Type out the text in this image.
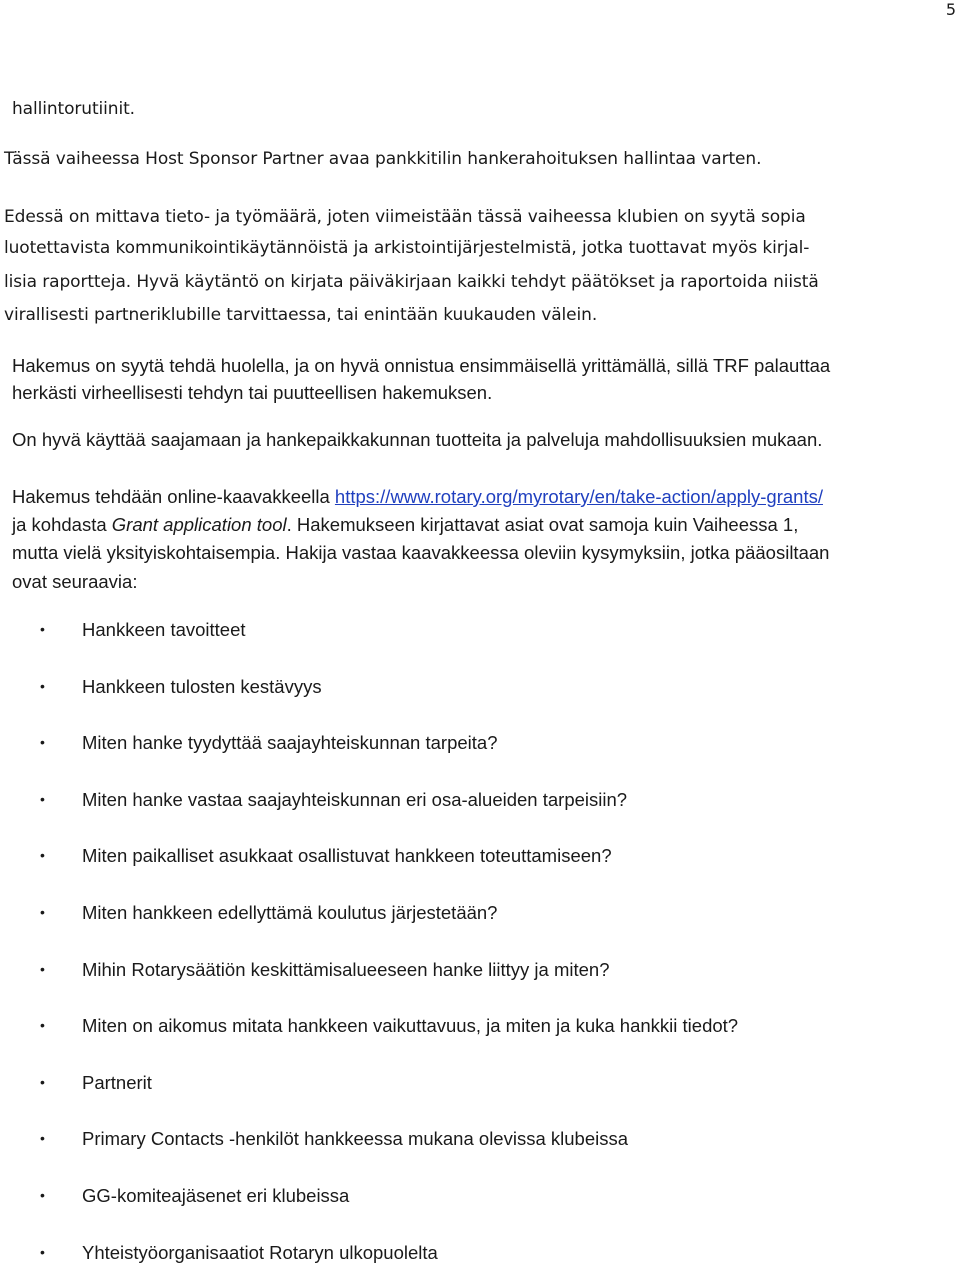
5
hallintorutiinit.
Tässä vaiheessa Host Sponsor Partner avaa pankkitilin hankerahoituksen hallintaa varten.
Edessä on mittava tieto- ja työmäärä, joten viimeistään tässä vaiheessa klubien on syytä sopia
luotettavista kommunikointikäytännöistä ja arkistointijärjestelmistä, jotka tuottavat myös kirjal-
lisia raportteja. Hyvä käytäntö on kirjata päiväkirjaan kaikki tehdyt päätökset ja raportoida niistä
virallisesti partneriklubille tarvittaessa, tai enintään kuukauden välein.
Hakemus on syytä tehdä huolella, ja on hyvä onnistua ensimmäisellä yrittämällä, sillä TRF palauttaa
herkästi virheellisesti tehdyn tai puutteellisen hakemuksen.
On hyvä käyttää saajamaan ja hankepaikkakunnan tuotteita ja palveluja mahdollisuuksien mukaan.
Hakemus tehdään online-kaavakkeella https://www.rotary.org/myrotary/en/take-action/apply-grants/
ja kohdasta Grant application tool. Hakemukseen kirjattavat asiat ovat samoja kuin Vaiheessa 1,
mutta vielä yksityiskohtaisempia. Hakija vastaa kaavakkeessa oleviin kysymyksiin, jotka pääosiltaan
ovat seuraavia:
• Hankkeen tavoitteet
• Hankkeen tulosten kestävyys
• Miten hanke tyydyttää saajayhteiskunnan tarpeita?
• Miten hanke vastaa saajayhteiskunnan eri osa-alueiden tarpeisiin?
• Miten paikalliset asukkaat osallistuvat hankkeen toteuttamiseen?
• Miten hankkeen edellyttämä koulutus järjestetään?
• Mihin Rotarysäätiön keskittämisalueeseen hanke liittyy ja miten?
• Miten on aikomus mitata hankkeen vaikuttavuus, ja miten ja kuka hankkii tiedot?
• Partnerit
• Primary Contacts -henkilöt hankkeessa mukana olevissa klubeissa
• GG-komiteajäsenet eri klubeissa
• Yhteistyöorganisaatiot Rotaryn ulkopuolelta
